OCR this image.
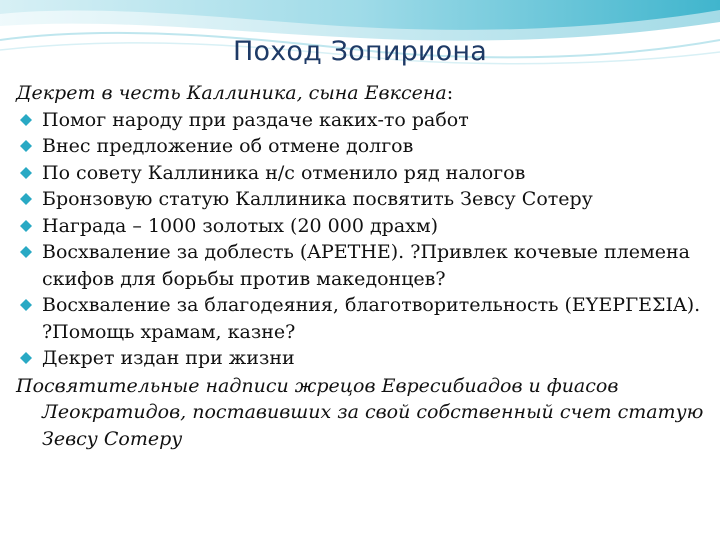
Поход Зопириона
Декрет в честь Каллиника, сына Евксена:
Помог народу при раздаче каких-то работ
Внес предложение об отмене долгов
По совету Каллиника н/с отменило ряд налогов
Бронзовую статую Каллиника посвятить Зевсу Сотеру
Награда – 1000 золотых (20 000 драхм)
Восхваление за доблесть (ΑΡΕΤΗΕ). ?Привлек кочевые племена скифов для борьбы против македонцев?
Восхваление за благодеяния, благотворительность (ΕΥΕΡΓΕΣΙΑ). ?Помощь храмам, казне?
Декрет издан при жизни
Посвятительные надписи жрецов Евресибиадов и фиасов Леократидов, поставивших за свой собственный счет статую Зевсу Сотеру
